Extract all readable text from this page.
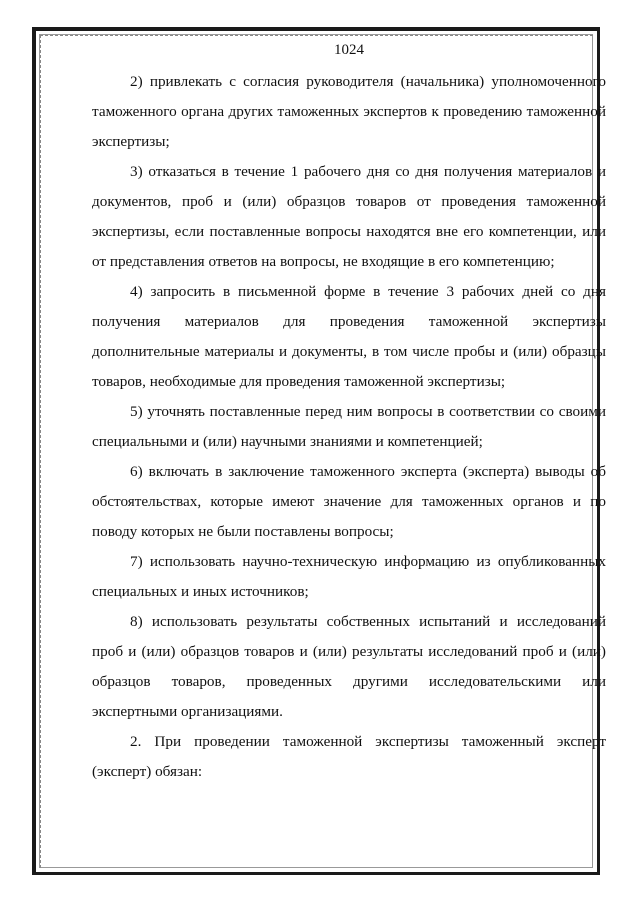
1024

2) привлекать с согласия руководителя (начальника) уполномоченного таможенного органа других таможенных экспертов к проведению таможенной экспертизы;

3) отказаться в течение 1 рабочего дня со дня получения материалов и документов, проб и (или) образцов товаров от проведения таможенной экспертизы, если поставленные вопросы находятся вне его компетенции, или от представления ответов на вопросы, не входящие в его компетенцию;

4) запросить в письменной форме в течение 3 рабочих дней со дня получения материалов для проведения таможенной экспертизы дополнительные материалы и документы, в том числе пробы и (или) образцы товаров, необходимые для проведения таможенной экспертизы;

5) уточнять поставленные перед ним вопросы в соответствии со своими специальными и (или) научными знаниями и компетенцией;

6) включать в заключение таможенного эксперта (эксперта) выводы об обстоятельствах, которые имеют значение для таможенных органов и по поводу которых не были поставлены вопросы;

7) использовать научно-техническую информацию из опубликованных специальных и иных источников;

8) использовать результаты собственных испытаний и исследований проб и (или) образцов товаров и (или) результаты исследований проб и (или) образцов товаров, проведенных другими исследовательскими или экспертными организациями.

2. При проведении таможенной экспертизы таможенный эксперт (эксперт) обязан:
